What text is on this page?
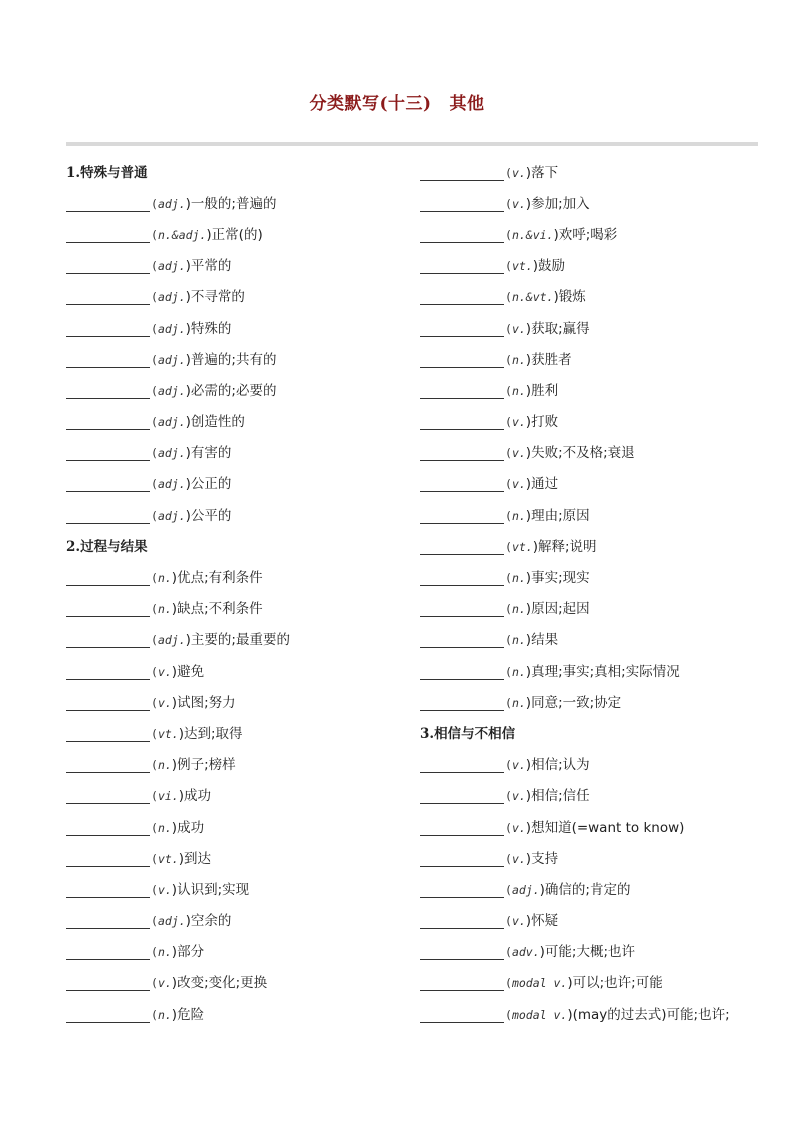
分类默写(十三) 其他
1.特殊与普通
(adj. )一般的;普遍的
(n.&adj. )正常(的)
(adj. )平常的
(adj. )不寻常的
(adj. )特殊的
(adj. )普遍的;共有的
(adj. )必需的;必要的
(adj. )创造性的
(adj. )有害的
(adj. )公正的
(adj. )公平的
2.过程与结果
(n. )优点;有利条件
(n. )缺点;不利条件
(adj. )主要的;最重要的
(v. )避免
(v. )试图;努力
(vt. )达到;取得
(n. )例子;榜样
(vi. )成功
(n. )成功
(vt. )到达
(v. )认识到;实现
(adj. )空余的
(n. )部分
(v. )改变;变化;更换
(n. )危险
(v. )落下
(v. )参加;加入
(n.&vi. )欢呼;喝彩
(vt. )鼓励
(n.&vt. )锻炼
(v. )获取;赢得
(n. )获胜者
(n. )胜利
(v. )打败
(v. )失败;不及格;衰退
(v. )通过
(n. )理由;原因
(vt. )解释;说明
(n. )事实;现实
(n. )原因;起因
(n. )结果
(n. )真理;事实;真相;实际情况
(n. )同意;一致;协定
3.相信与不相信
(v. )相信;认为
(v. )相信;信任
(v. )想知道(=want to know)
(v. )支持
(adj. )确信的;肯定的
(v. )怀疑
(adv. )可能;大概;也许
(modal v. )可以;也许;可能
(modal v. )(may的过去式)可能;也许;
